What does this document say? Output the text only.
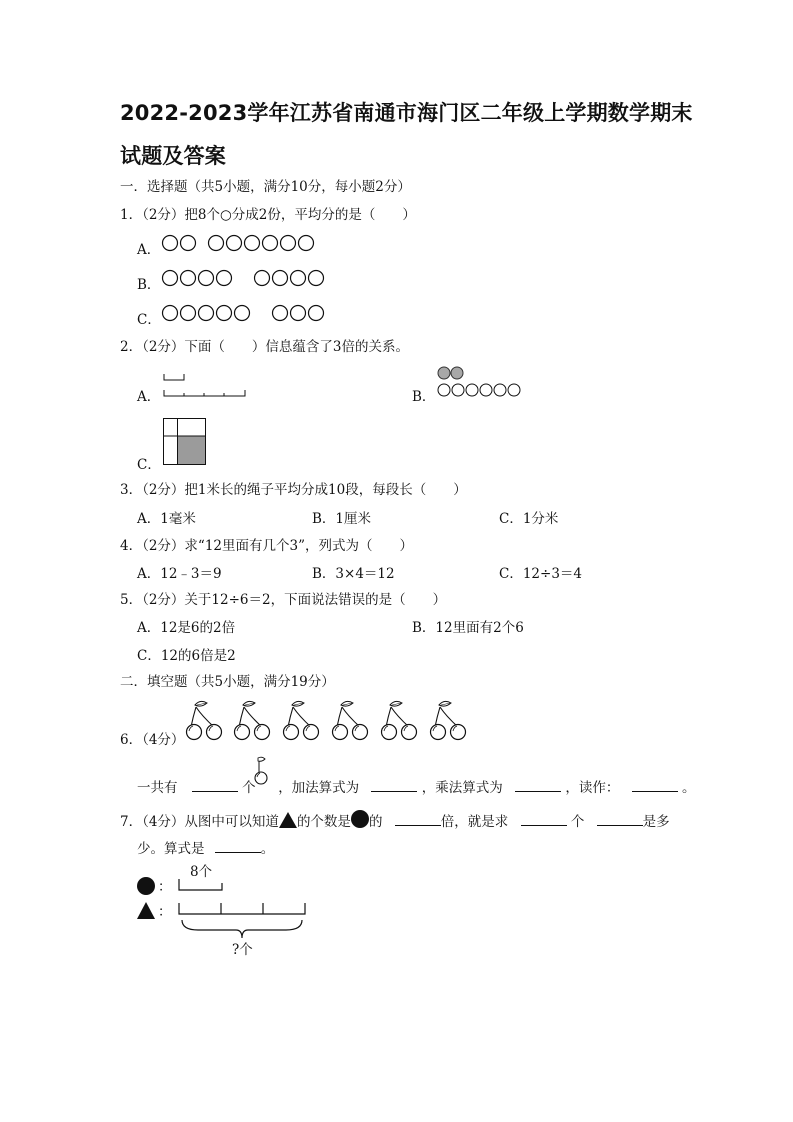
2022-2023学年江苏省南通市海门区二年级上学期数学期末
试题及答案
一．选择题（共5小题，满分10分，每小题2分）
1．（2分）把8个○分成2份，平均分的是（　　）
A．
B．
C．
2．（2分）下面（　　）信息蕴含了3倍的关系。
A．	B．
C．
3．（2分）把1米长的绳子平均分成10段，每段长（　　）
A．1毫米	B．1厘米	C．1分米
4．（2分）求“12里面有几个3”，列式为（　　）
A．12﹣3＝9	B．3×4＝12	C．12÷3＝4
5．（2分）关于12÷6＝2，下面说法错误的是（　　）
A．12是6的2倍	B．12里面有2个6
C．12的6倍是2
二．填空题（共5小题，满分19分）
6．（4分）
一共有	个 ，加法算式为	，乘法算式为	，读作：	。
7．（4分）从图中可以知道 的个数是 的	倍，就是求	个	是多
少。算式是	。
8个
：
：
?个
